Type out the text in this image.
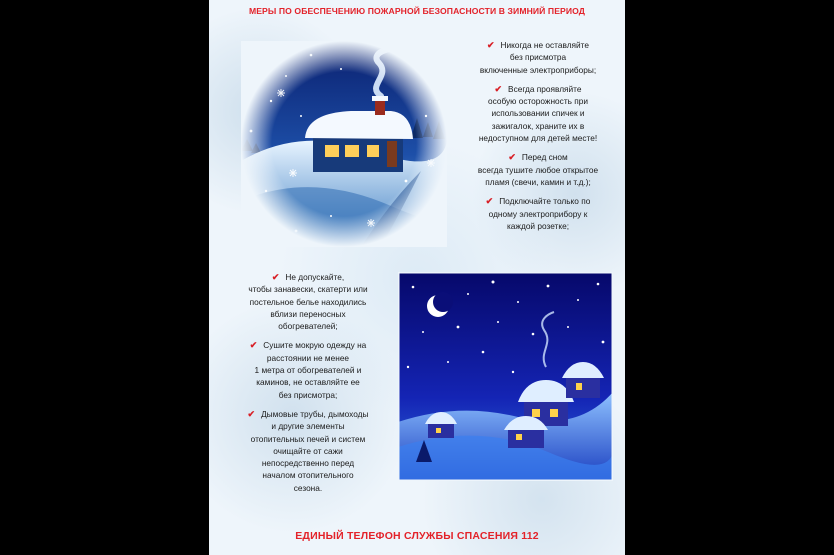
МЕРЫ ПО ОБЕСПЕЧЕНИЮ ПОЖАРНОЙ БЕЗОПАСНОСТИ В ЗИМНИЙ ПЕРИОД
✔ Никогда не оставляйте
без присмотра
включенные электроприборы;
✔ Всегда проявляйте
особую осторожность при
использовании спичек и
зажигалок, храните их в
недоступном для детей месте!
✔ Перед сном
всегда тушите любое открытое
пламя (свечи, камин и т.д.);
✔ Подключайте только по
одному электроприбору к
каждой розетке;
✔ Не допускайте,
чтобы занавески, скатерти или
постельное белье находились
вблизи переносных
обогревателей;
✔ Сушите мокрую одежду на
расстоянии не менее
1 метра от обогревателей и
каминов, не оставляйте ее
без присмотра;
✔ Дымовые трубы, дымоходы
и другие элементы
отопительных печей и систем
очищайте от сажи
непосредственно перед
началом отопительного
сезона.
ЕДИНЫЙ ТЕЛЕФОН СЛУЖБЫ СПАСЕНИЯ 112
